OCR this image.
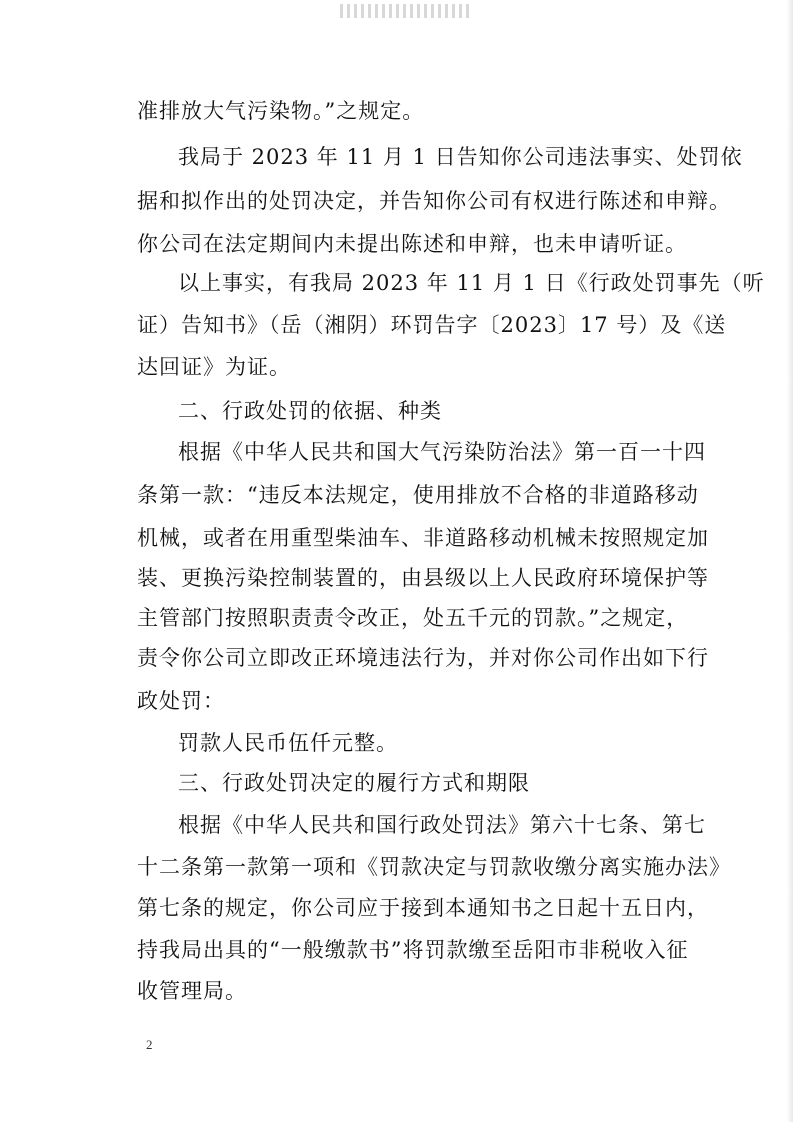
准排放大气污染物。”之规定。
我局于 2023 年 11 月 1 日告知你公司违法事实、处罚依
据和拟作出的处罚决定，并告知你公司有权进行陈述和申辩。
你公司在法定期间内未提出陈述和申辩，也未申请听证。
以上事实，有我局 2023 年 11 月 1 日《行政处罚事先（听
证）告知书》（岳（湘阴）环罚告字〔2023〕17 号）及《送
达回证》为证。
二、行政处罚的依据、种类
根据《中华人民共和国大气污染防治法》第一百一十四
条第一款：“违反本法规定，使用排放不合格的非道路移动
机械，或者在用重型柴油车、非道路移动机械未按照规定加
装、更换污染控制装置的，由县级以上人民政府环境保护等
主管部门按照职责责令改正，处五千元的罚款。”之规定，
责令你公司立即改正环境违法行为，并对你公司作出如下行
政处罚：
罚款人民币伍仟元整。
三、行政处罚决定的履行方式和期限
根据《中华人民共和国行政处罚法》第六十七条、第七
十二条第一款第一项和《罚款决定与罚款收缴分离实施办法》
第七条的规定，你公司应于接到本通知书之日起十五日内，
持我局出具的“一般缴款书”将罚款缴至岳阳市非税收入征
收管理局。
2
